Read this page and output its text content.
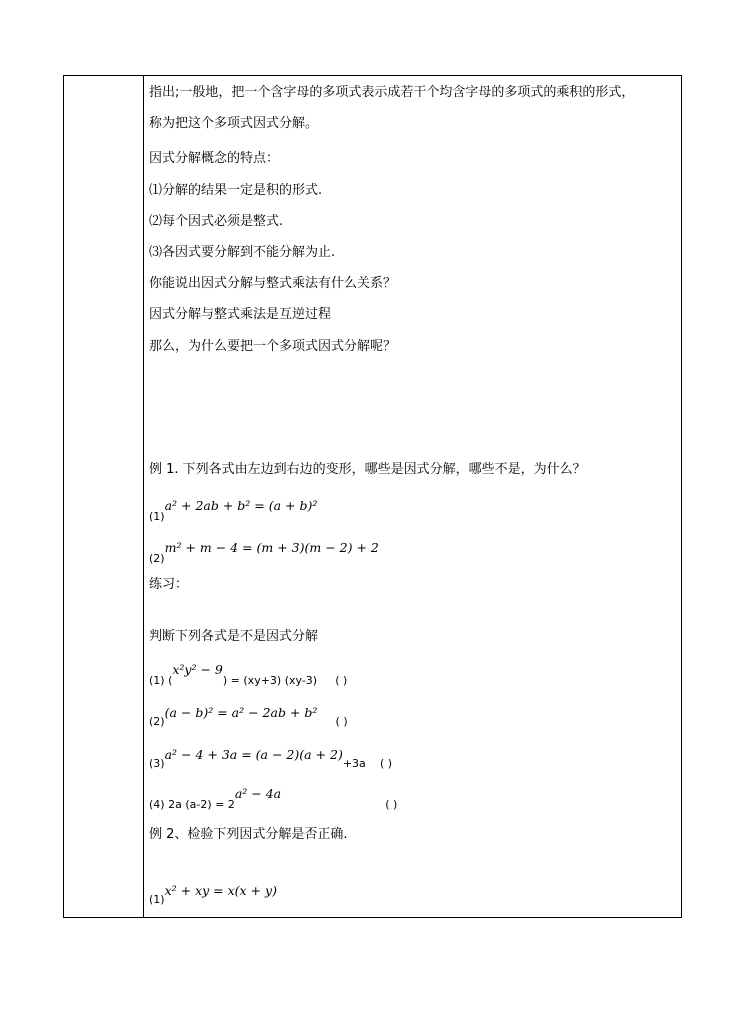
指出;一般地，把一个含字母的多项式表示成若干个均含字母的多项式的乘积的形式，
称为把这个多项式因式分解。
因式分解概念的特点：
⑴分解的结果一定是积的形式.
⑵每个因式必须是整式.
⑶各因式要分解到不能分解为止.
你能说出因式分解与整式乘法有什么关系？
因式分解与整式乘法是互逆过程
那么，为什么要把一个多项式因式分解呢？
例 1. 下列各式由左边到右边的变形，哪些是因式分解，哪些不是，为什么？
$_{(1)}$a² + 2ab + b² = (a + b)²
$_{(2)}$m² + m − 4 = (m + 3)(m − 2) + 2
练习：
判断下列各式是不是因式分解
$_{(1) (}x^2y^2 - 9_{) = (xy+3) (xy-3)}$ $_{( )}$
$_{(2)}$(a − b)² = a² − 2ab + b² $_{( )}$
$_{(3)}a^2 - 4 + 3a = (a - 2)(a + 2)_{+3a}$ $_{( )}$
$_{(4) 2a (a-2) = 2}$a² − 4a $_{( )}$
例 2、检验下列因式分解是否正确.
$_{(1)}$x² + xy = x(x + y)
